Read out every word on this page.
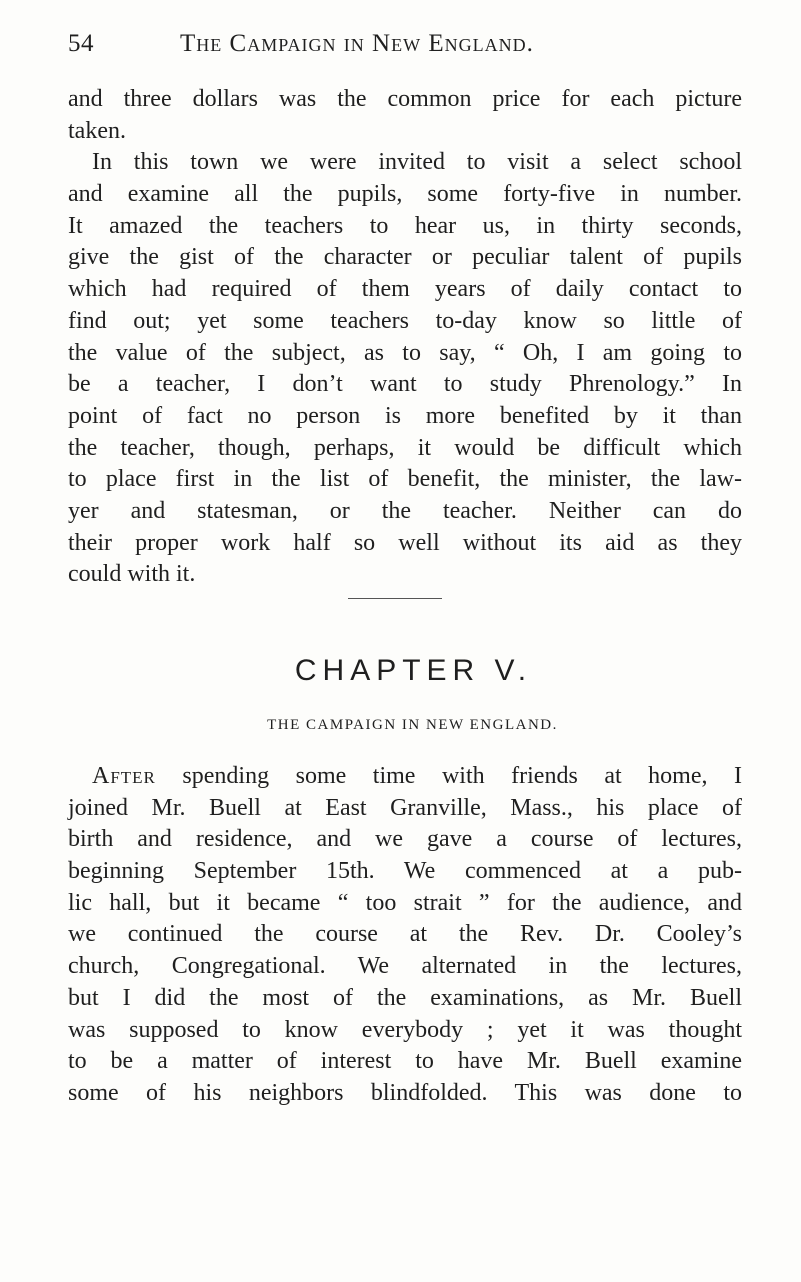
54	The Campaign in New England.
and three dollars was the common price for each picture
taken.
In this town we were invited to visit a select school
and examine all the pupils, some forty-five in number.
It amazed the teachers to hear us, in thirty seconds,
give the gist of the character or peculiar talent of pupils
which had required of them years of daily contact to
find out; yet some teachers to-day know so little of
the value of the subject, as to say, “ Oh, I am going to
be a teacher, I don’t want to study Phrenology.” In
point of fact no person is more benefited by it than
the teacher, though, perhaps, it would be difficult which
to place first in the list of benefit, the minister, the law-
yer and statesman, or the teacher. Neither can do
their proper work half so well without its aid as they
could with it.
CHAPTER V.
THE CAMPAIGN IN NEW ENGLAND.
After spending some time with friends at home, I
joined Mr. Buell at East Granville, Mass., his place of
birth and residence, and we gave a course of lectures,
beginning September 15th. We commenced at a pub-
lic hall, but it became “ too strait ” for the audience, and
we continued the course at the Rev. Dr. Cooley’s
church, Congregational. We alternated in the lectures,
but I did the most of the examinations, as Mr. Buell
was supposed to know everybody ; yet it was thought
to be a matter of interest to have Mr. Buell examine
some of his neighbors blindfolded. This was done to
